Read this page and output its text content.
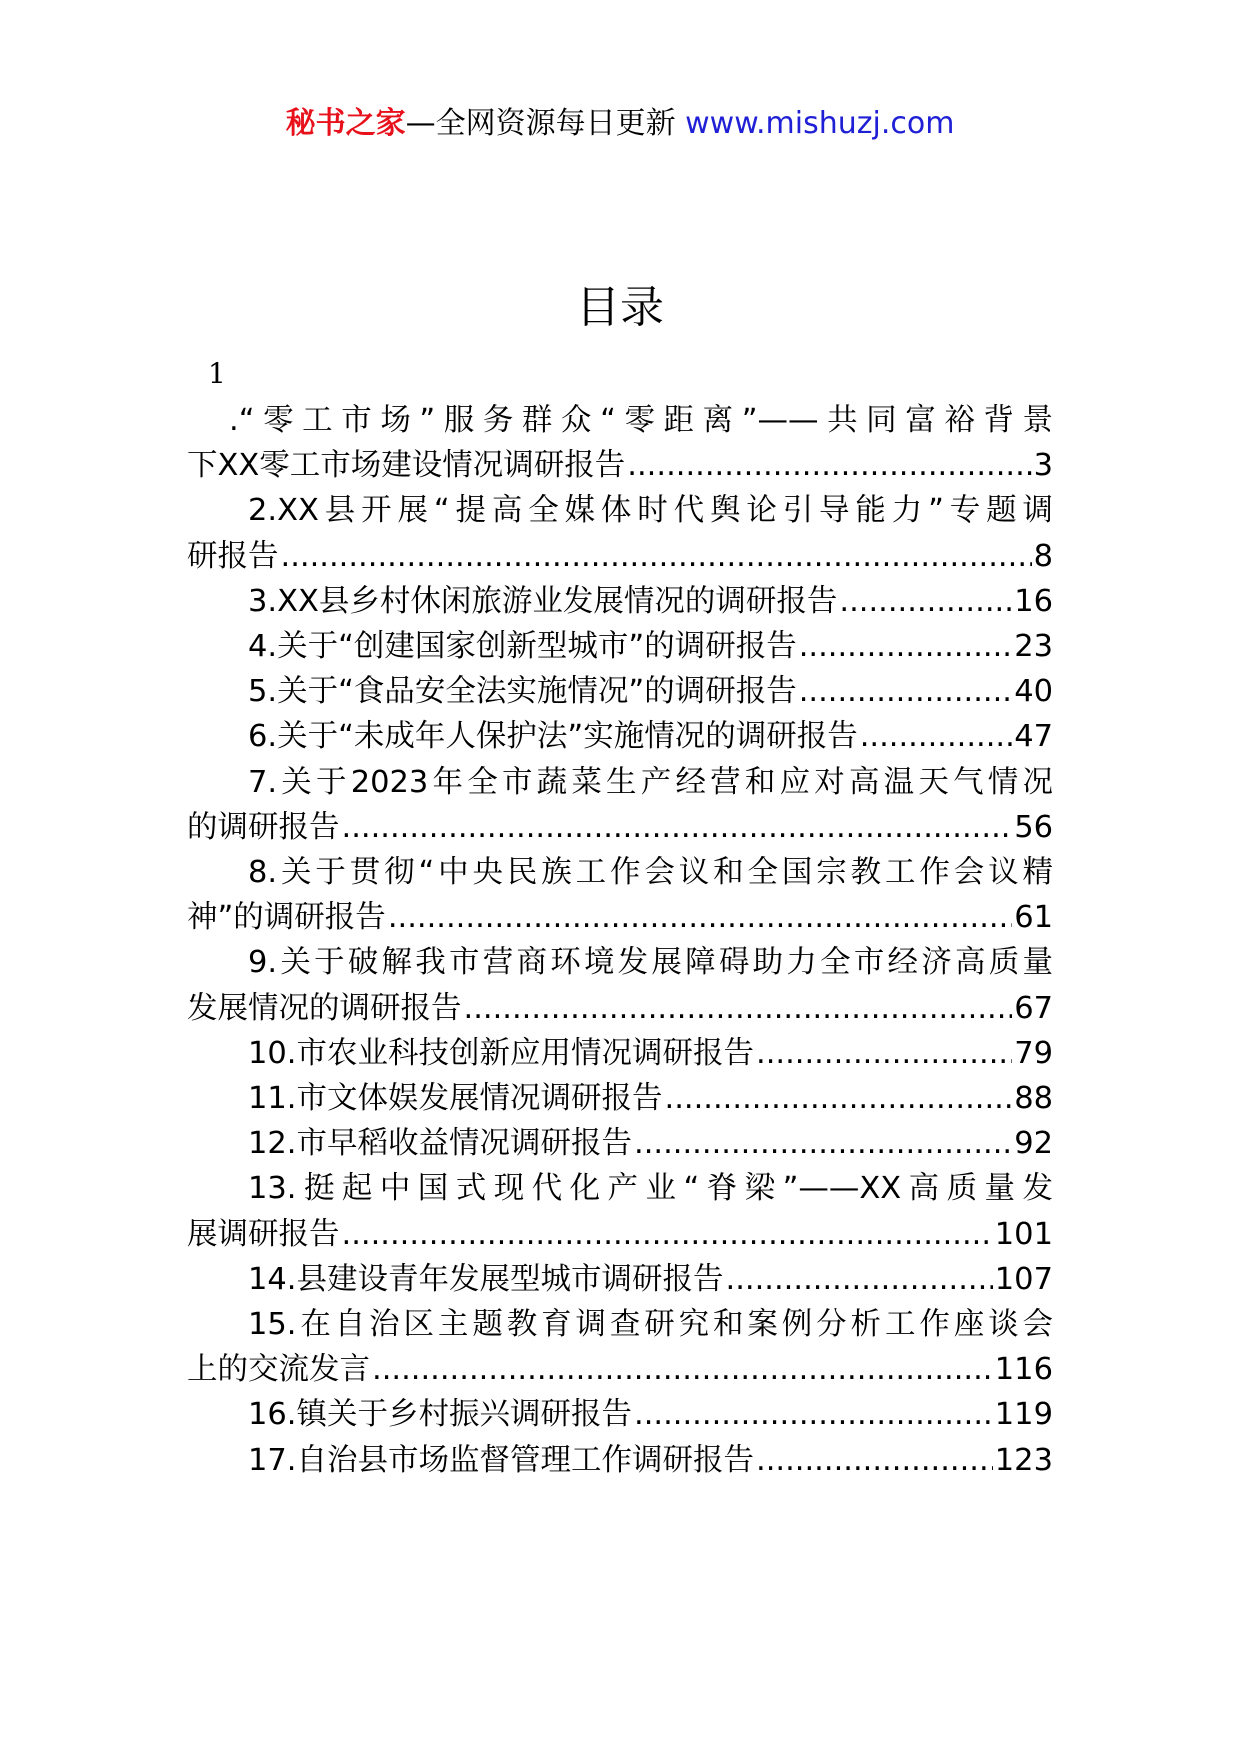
秘书之家—全网资源每日更新 www.mishuzj.com
目录
1
.“零工市场”服务群众“零距离”——共同富裕背景
下XX零工市场建设情况调研报告 .....	3
2.XX县开展“提高全媒体时代舆论引导能力”专题调
研报告 .....	8
3.XX县乡村休闲旅游业发展情况的调研报告 .....	16
4.关于“创建国家创新型城市”的调研报告 .....	23
5.关于“食品安全法实施情况”的调研报告 .....	40
6.关于“未成年人保护法”实施情况的调研报告 .....	47
7.关于2023年全市蔬菜生产经营和应对高温天气情况
的调研报告 .....	56
8.关于贯彻“中央民族工作会议和全国宗教工作会议精
神”的调研报告 .....	61
9.关于破解我市营商环境发展障碍助力全市经济高质量
发展情况的调研报告 .....	67
10.市农业科技创新应用情况调研报告 .....	79
11.市文体娱发展情况调研报告 .....	88
12.市早稻收益情况调研报告 .....	92
13.挺起中国式现代化产业“脊梁”——XX高质量发
展调研报告 .....	101
14.县建设青年发展型城市调研报告 .....	107
15.在自治区主题教育调查研究和案例分析工作座谈会
上的交流发言 .....	116
16.镇关于乡村振兴调研报告 .....	119
17.自治县市场监督管理工作调研报告 .....	123
